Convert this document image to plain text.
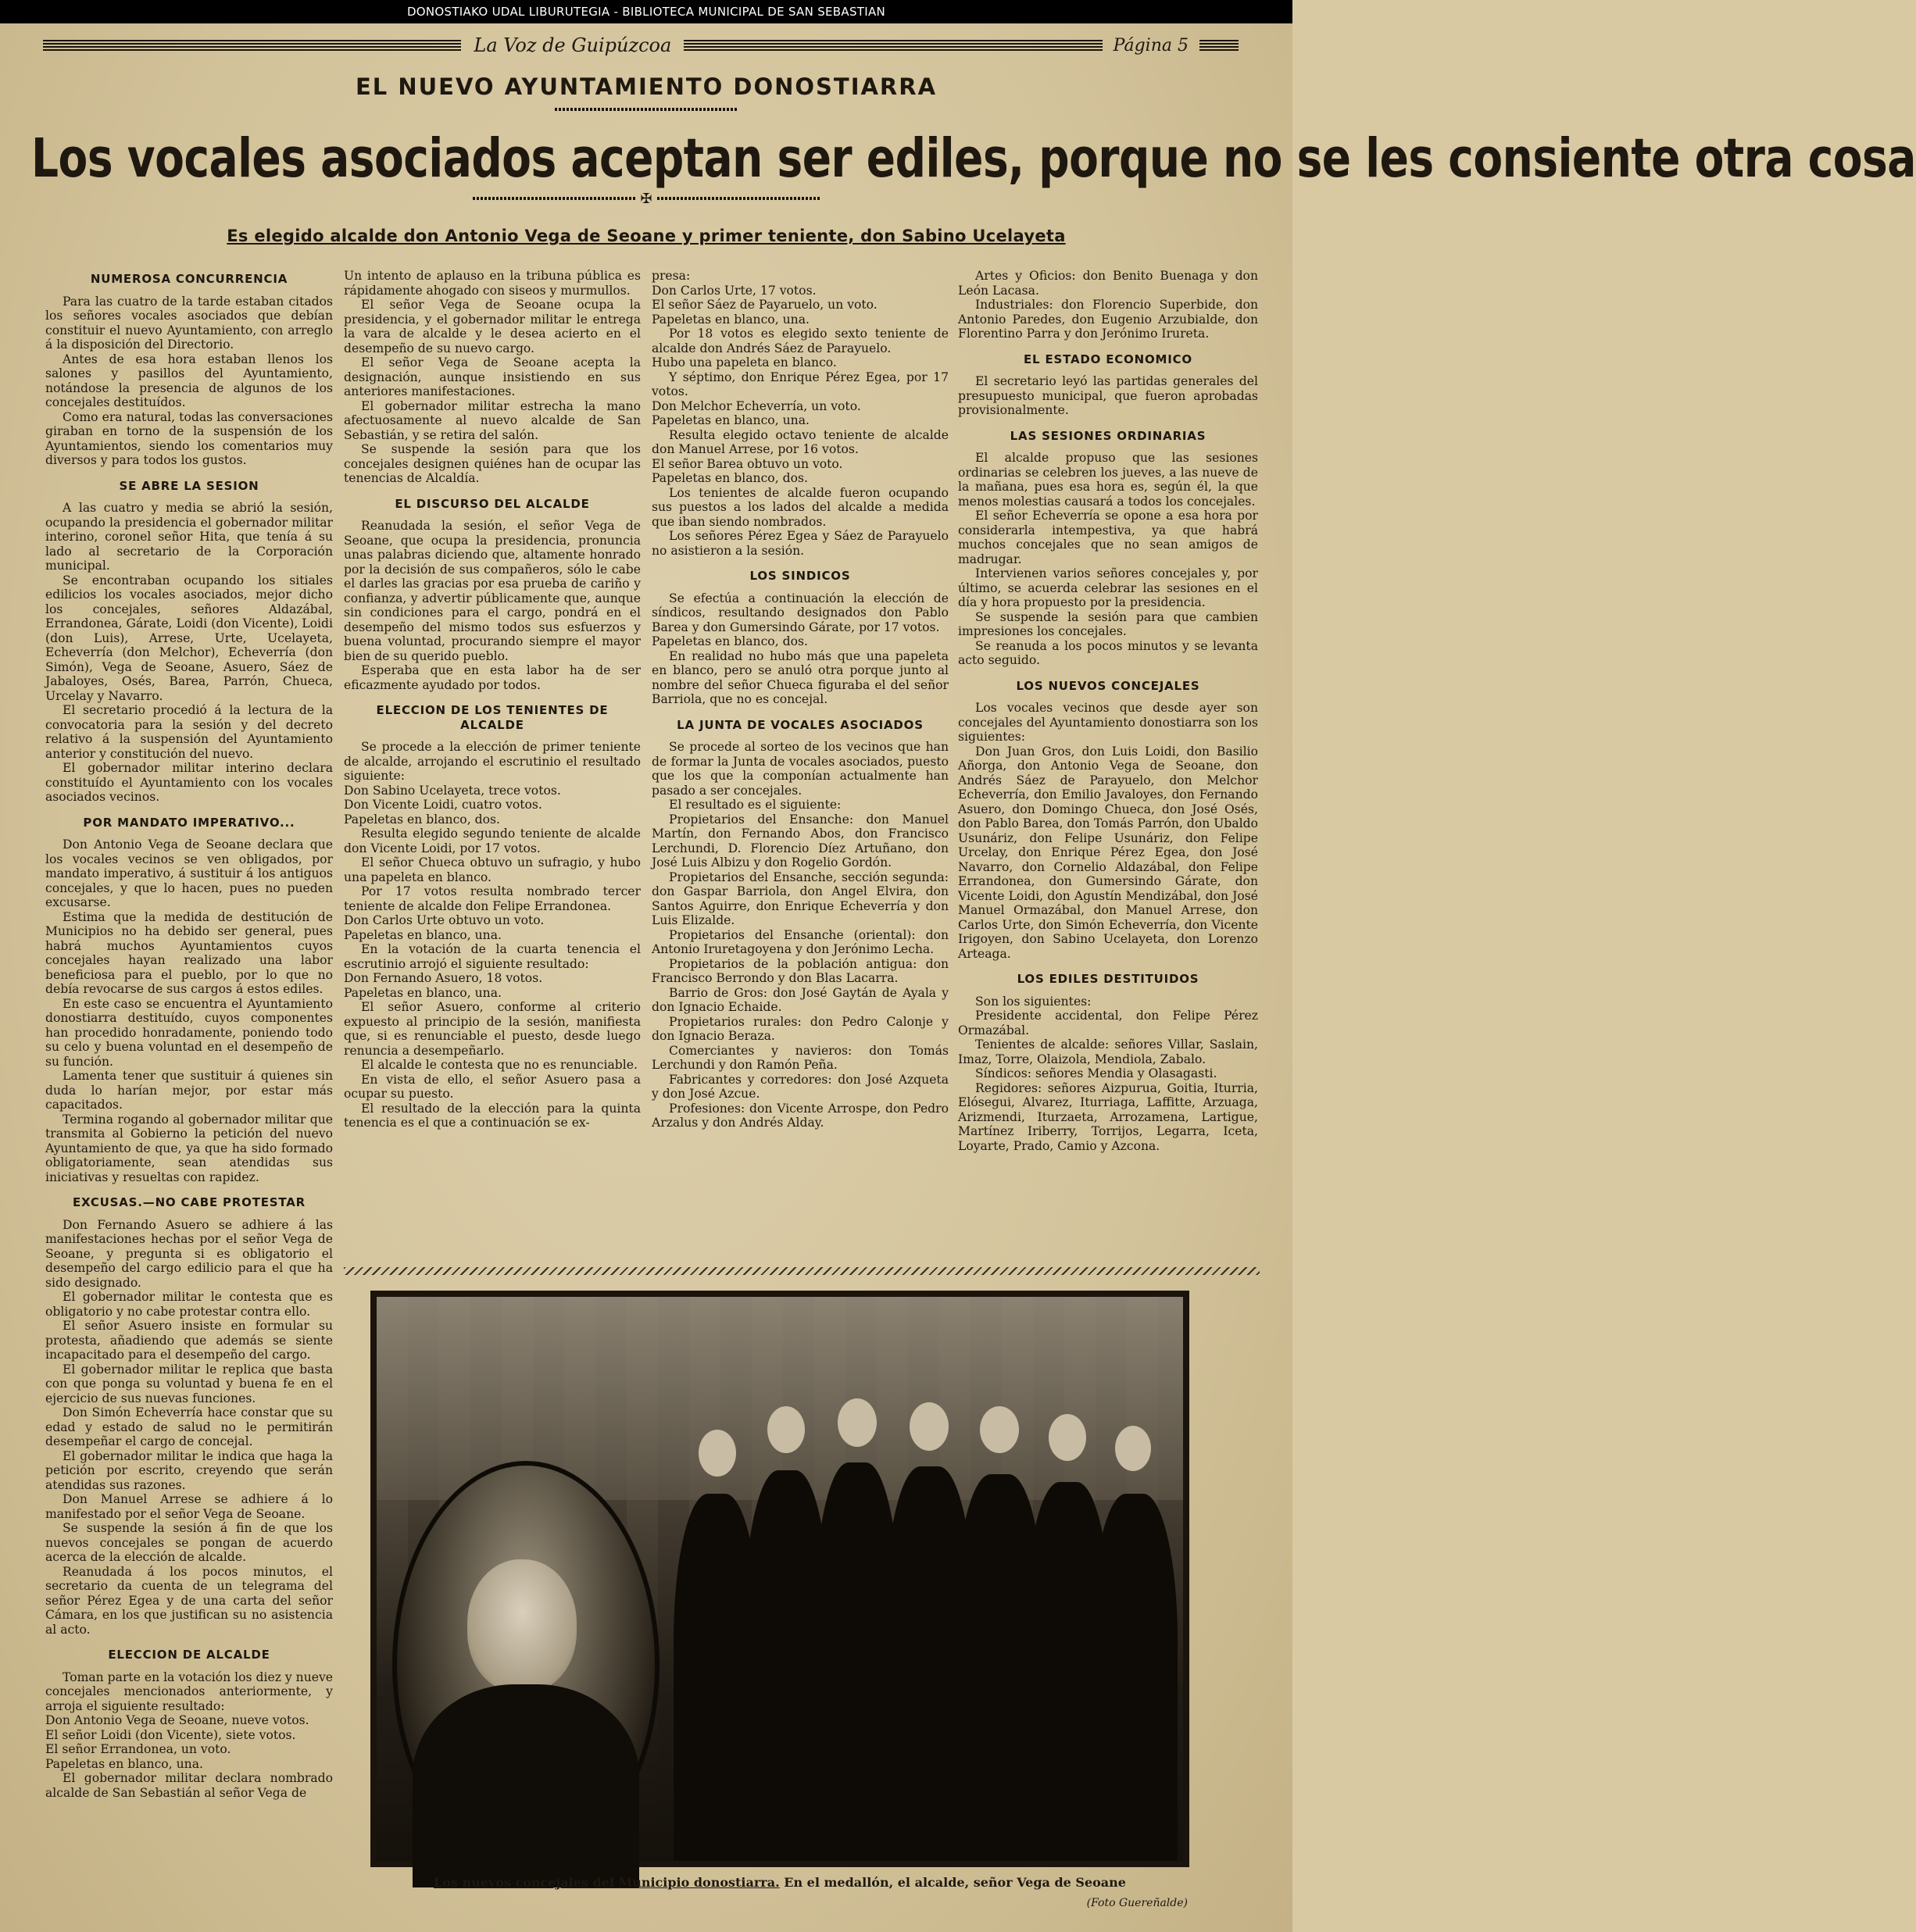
DONOSTIAKO UDAL LIBURUTEGIA - BIBLIOTECA MUNICIPAL DE SAN SEBASTIAN
La Voz de Guipúzcoa	Página 5
EL NUEVO AYUNTAMIENTO DONOSTIARRA
Los vocales asociados aceptan ser ediles, porque no se les consiente otra cosa
✠
Es elegido alcalde don Antonio Vega de Seoane y primer teniente, don Sabino Ucelayeta
NUMEROSA CONCURRENCIA

Para las cuatro de la tarde estaban citados los señores vocales asociados que debían constituir el nuevo Ayuntamiento, con arreglo á la disposición del Directorio.

Antes de esa hora estaban llenos los salones y pasillos del Ayuntamiento, notándose la presencia de algunos de los concejales destituídos.

Como era natural, todas las conversaciones giraban en torno de la suspensión de los Ayuntamientos, siendo los comentarios muy diversos y para todos los gustos.

SE ABRE LA SESION

A las cuatro y media se abrió la sesión, ocupando la presidencia el gobernador militar interino, coronel señor Hita, que tenía á su lado al secretario de la Corporación municipal.

Se encontraban ocupando los sitiales edilicios los vocales asociados, mejor dicho los concejales, señores Aldazábal, Errandonea, Gárate, Loidi (don Vicente), Loidi (don Luis), Arrese, Urte, Ucelayeta, Echeverría (don Melchor), Echeverría (don Simón), Vega de Seoane, Asuero, Sáez de Jabaloyes, Osés, Barea, Parrón, Chueca, Urcelay y Navarro.

El secretario procedió á la lectura de la convocatoria para la sesión y del decreto relativo á la suspensión del Ayuntamiento anterior y constitución del nuevo.

El gobernador militar interino declara constituído el Ayuntamiento con los vocales asociados vecinos.

POR MANDATO IMPERATIVO...

Don Antonio Vega de Seoane declara que los vocales vecinos se ven obligados, por mandato imperativo, á sustituir á los antiguos concejales, y que lo hacen, pues no pueden excusarse.

Estima que la medida de destitución de Municipios no ha debido ser general, pues habrá muchos Ayuntamientos cuyos concejales hayan realizado una labor beneficiosa para el pueblo, por lo que no debía revocarse de sus cargos á estos ediles.

En este caso se encuentra el Ayuntamiento donostiarra destituído, cuyos componentes han procedido honradamente, poniendo todo su celo y buena voluntad en el desempeño de su función.

Lamenta tener que sustituir á quienes sin duda lo harían mejor, por estar más capacitados.

Termina rogando al gobernador militar que transmita al Gobierno la petición del nuevo Ayuntamiento de que, ya que ha sido formado obligatoriamente, sean atendidas sus iniciativas y resueltas con rapidez.

EXCUSAS.—NO CABE PROTESTAR

Don Fernando Asuero se adhiere á las manifestaciones hechas por el señor Vega de Seoane, y pregunta si es obligatorio el desempeño del cargo edilicio para el que ha sido designado.

El gobernador militar le contesta que es obligatorio y no cabe protestar contra ello.

El señor Asuero insiste en formular su protesta, añadiendo que además se siente incapacitado para el desempeño del cargo.

El gobernador militar le replica que basta con que ponga su voluntad y buena fe en el ejercicio de sus nuevas funciones.

Don Simón Echeverría hace constar que su edad y estado de salud no le permitirán desempeñar el cargo de concejal.

El gobernador militar le indica que haga la petición por escrito, creyendo que serán atendidas sus razones.

Don Manuel Arrese se adhiere á lo manifestado por el señor Vega de Seoane.

Se suspende la sesión á fin de que los nuevos concejales se pongan de acuerdo acerca de la elección de alcalde.

Reanudada á los pocos minutos, el secretario da cuenta de un telegrama del señor Pérez Egea y de una carta del señor Cámara, en los que justifican su no asistencia al acto.

ELECCION DE ALCALDE

Toman parte en la votación los diez y nueve concejales mencionados anteriormente, y arroja el siguiente resultado:

Don Antonio Vega de Seoane, nueve votos.

El señor Loidi (don Vicente), siete votos.

El señor Errandonea, un voto.

Papeletas en blanco, una.

El gobernador militar declara nombrado alcalde de San Sebastián al señor Vega de

Un intento de aplauso en la tribuna pública es rápidamente ahogado con siseos y murmullos.

El señor Vega de Seoane ocupa la presidencia, y el gobernador militar le entrega la vara de alcalde y le desea acierto en el desempeño de su nuevo cargo.

El señor Vega de Seoane acepta la designación, aunque insistiendo en sus anteriores manifestaciones.

El gobernador militar estrecha la mano afectuosamente al nuevo alcalde de San Sebastián, y se retira del salón.

Se suspende la sesión para que los concejales designen quiénes han de ocupar las tenencias de Alcaldía.

EL DISCURSO DEL ALCALDE

Reanudada la sesión, el señor Vega de Seoane, que ocupa la presidencia, pronuncia unas palabras diciendo que, altamente honrado por la decisión de sus compañeros, sólo le cabe el darles las gracias por esa prueba de cariño y confianza, y advertir públicamente que, aunque sin condiciones para el cargo, pondrá en el desempeño del mismo todos sus esfuerzos y buena voluntad, procurando siempre el mayor bien de su querido pueblo.

Esperaba que en esta labor ha de ser eficazmente ayudado por todos.

ELECCION DE LOS TENIENTES DE ALCALDE

Se procede a la elección de primer teniente de alcalde, arrojando el escrutinio el resultado siguiente:

Don Sabino Ucelayeta, trece votos.

Don Vicente Loidi, cuatro votos.

Papeletas en blanco, dos.

Resulta elegido segundo teniente de alcalde don Vicente Loidi, por 17 votos.

El señor Chueca obtuvo un sufragio, y hubo una papeleta en blanco.

Por 17 votos resulta nombrado tercer teniente de alcalde don Felipe Errandonea.

Don Carlos Urte obtuvo un voto.

Papeletas en blanco, una.

En la votación de la cuarta tenencia el escrutinio arrojó el siguiente resultado:

Don Fernando Asuero, 18 votos.

Papeletas en blanco, una.

El señor Asuero, conforme al criterio expuesto al principio de la sesión, manifiesta que, si es renunciable el puesto, desde luego renuncia a desempeñarlo.

El alcalde le contesta que no es renunciable.

En vista de ello, el señor Asuero pasa a ocupar su puesto.

El resultado de la elección para la quinta tenencia es el que a continuación se ex-

presa:

Don Carlos Urte, 17 votos.

El señor Sáez de Payaruelo, un voto.

Papeletas en blanco, una.

Por 18 votos es elegido sexto teniente de alcalde don Andrés Sáez de Parayuelo.

Hubo una papeleta en blanco.

Y séptimo, don Enrique Pérez Egea, por 17 votos.

Don Melchor Echeverría, un voto.

Papeletas en blanco, una.

Resulta elegido octavo teniente de alcalde don Manuel Arrese, por 16 votos.

El señor Barea obtuvo un voto.

Papeletas en blanco, dos.

Los tenientes de alcalde fueron ocupando sus puestos a los lados del alcalde a medida que iban siendo nombrados.

Los señores Pérez Egea y Sáez de Parayuelo no asistieron a la sesión.

LOS SINDICOS

Se efectúa a continuación la elección de síndicos, resultando designados don Pablo Barea y don Gumersindo Gárate, por 17 votos.

Papeletas en blanco, dos.

En realidad no hubo más que una papeleta en blanco, pero se anuló otra porque junto al nombre del señor Chueca figuraba el del señor Barriola, que no es concejal.

LA JUNTA DE VOCALES ASOCIADOS

Se procede al sorteo de los vecinos que han de formar la Junta de vocales asociados, puesto que los que la componían actualmente han pasado a ser concejales.

El resultado es el siguiente:

Propietarios del Ensanche: don Manuel Martín, don Fernando Abos, don Francisco Lerchundi, D. Florencio Díez Artuñano, don José Luis Albizu y don Rogelio Gordón.

Propietarios del Ensanche, sección segunda: don Gaspar Barriola, don Angel Elvira, don Santos Aguirre, don Enrique Echeverría y don Luis Elizalde.

Propietarios del Ensanche (oriental): don Antonio Iruretagoyena y don Jerónimo Lecha.

Propietarios de la población antigua: don Francisco Berrondo y don Blas Lacarra.

Barrio de Gros: don José Gaytán de Ayala y don Ignacio Echaide.

Propietarios rurales: don Pedro Calonje y don Ignacio Beraza.

Comerciantes y navieros: don Tomás Lerchundi y don Ramón Peña.

Fabricantes y corredores: don José Azqueta y don José Azcue.

Profesiones: don Vicente Arrospe, don Pedro Arzalus y don Andrés Alday.

Artes y Oficios: don Benito Buenaga y don León Lacasa.

Industriales: don Florencio Superbide, don Antonio Paredes, don Eugenio Arzubialde, don Florentino Parra y don Jerónimo Irureta.

EL ESTADO ECONOMICO

El secretario leyó las partidas generales del presupuesto municipal, que fueron aprobadas provisionalmente.

LAS SESIONES ORDINARIAS

El alcalde propuso que las sesiones ordinarias se celebren los jueves, a las nueve de la mañana, pues esa hora es, según él, la que menos molestias causará a todos los concejales.

El señor Echeverría se opone a esa hora por considerarla intempestiva, ya que habrá muchos concejales que no sean amigos de madrugar.

Intervienen varios señores concejales y, por último, se acuerda celebrar las sesiones en el día y hora propuesto por la presidencia.

Se suspende la sesión para que cambien impresiones los concejales.

Se reanuda a los pocos minutos y se levanta acto seguido.

LOS NUEVOS CONCEJALES

Los vocales vecinos que desde ayer son concejales del Ayuntamiento donostiarra son los siguientes:

Don Juan Gros, don Luis Loidi, don Basilio Añorga, don Antonio Vega de Seoane, don Andrés Sáez de Parayuelo, don Melchor Echeverría, don Emilio Javaloyes, don Fernando Asuero, don Domingo Chueca, don José Osés, don Pablo Barea, don Tomás Parrón, don Ubaldo Usunáriz, don Felipe Usunáriz, don Felipe Urcelay, don Enrique Pérez Egea, don José Navarro, don Cornelio Aldazábal, don Felipe Errandonea, don Gumersindo Gárate, don Vicente Loidi, don Agustín Mendizábal, don José Manuel Ormazábal, don Manuel Arrese, don Carlos Urte, don Simón Echeverría, don Vicente Irigoyen, don Sabino Ucelayeta, don Lorenzo Arteaga.

LOS EDILES DESTITUIDOS

Son los siguientes:

Presidente accidental, don Felipe Pérez Ormazábal.

Tenientes de alcalde: señores Villar, Saslain, Imaz, Torre, Olaizola, Mendiola, Zabalo.

Síndicos: señores Mendia y Olasagasti.

Regidores: señores Aizpurua, Goitia, Iturria, Elósegui, Alvarez, Iturriaga, Laffitte, Arzuaga, Arizmendi, Iturzaeta, Arrozamena, Lartigue, Martínez Iriberry, Torrijos, Legarra, Iceta, Loyarte, Prado, Camio y Azcona.

Los nuevos concejales del Municipio donostiarra. En el medallón, el alcalde, señor Vega de Seoane
(Foto Guereñalde)
